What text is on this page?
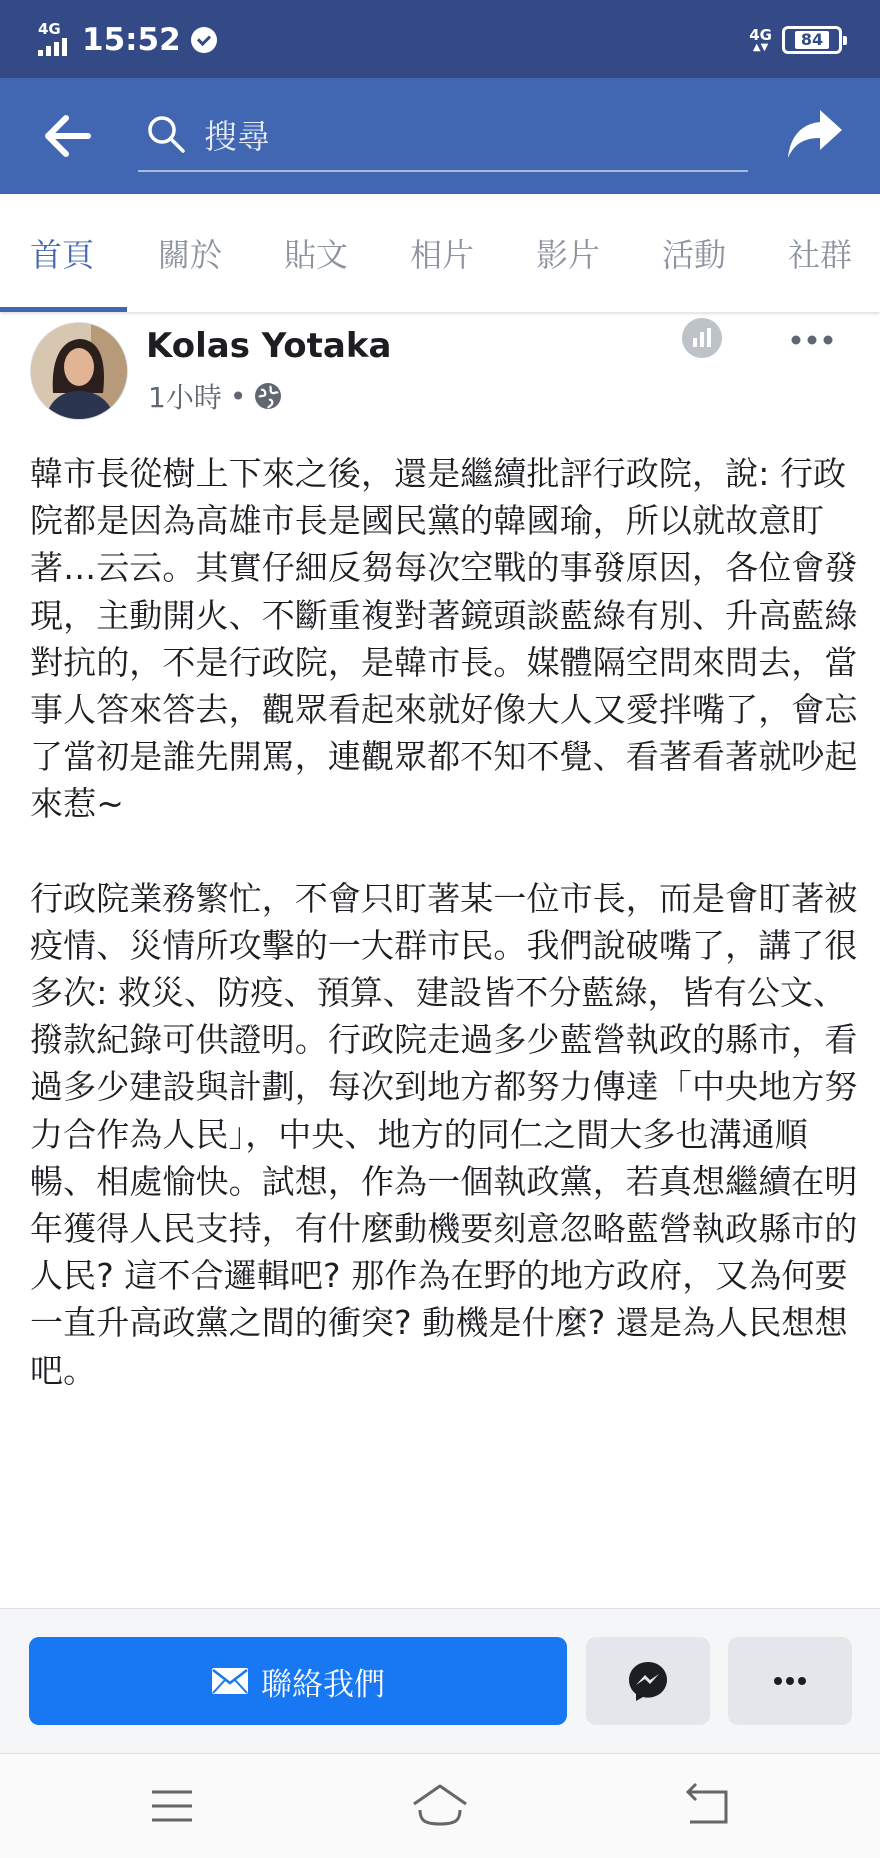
4G 15:52	4G
▲▼	84
搜尋
首頁 關於 貼文 相片 影片 活動 社群
Kolas Yotaka
1小時 •

韓市長從樹上下來之後，還是繼續批評行政院，說: 行政院都是因為高雄市長是國民黨的韓國瑜，所以就故意盯著…云云。其實仔細反芻每次空戰的事發原因，各位會發現，主動開火、不斷重複對著鏡頭談藍綠有別、升高藍綠對抗的，不是行政院，是韓市長。媒體隔空問來問去，當事人答來答去，觀眾看起來就好像大人又愛拌嘴了，會忘了當初是誰先開罵，連觀眾都不知不覺、看著看著就吵起來惹~

行政院業務繁忙，不會只盯著某一位市長，而是會盯著被疫情、災情所攻擊的一大群市民。我們說破嘴了，講了很多次: 救災、防疫、預算、建設皆不分藍綠，皆有公文、撥款紀錄可供證明。行政院走過多少藍營執政的縣市，看過多少建設與計劃，每次到地方都努力傳達「中央地方努力合作為人民」，中央、地方的同仁之間大多也溝通順暢、相處愉快。試想，作為一個執政黨，若真想繼續在明年獲得人民支持，有什麼動機要刻意忽略藍營執政縣市的人民? 這不合邏輯吧? 那作為在野的地方政府，又為何要一直升高政黨之間的衝突? 動機是什麼? 還是為人民想想吧。

聯絡我們
